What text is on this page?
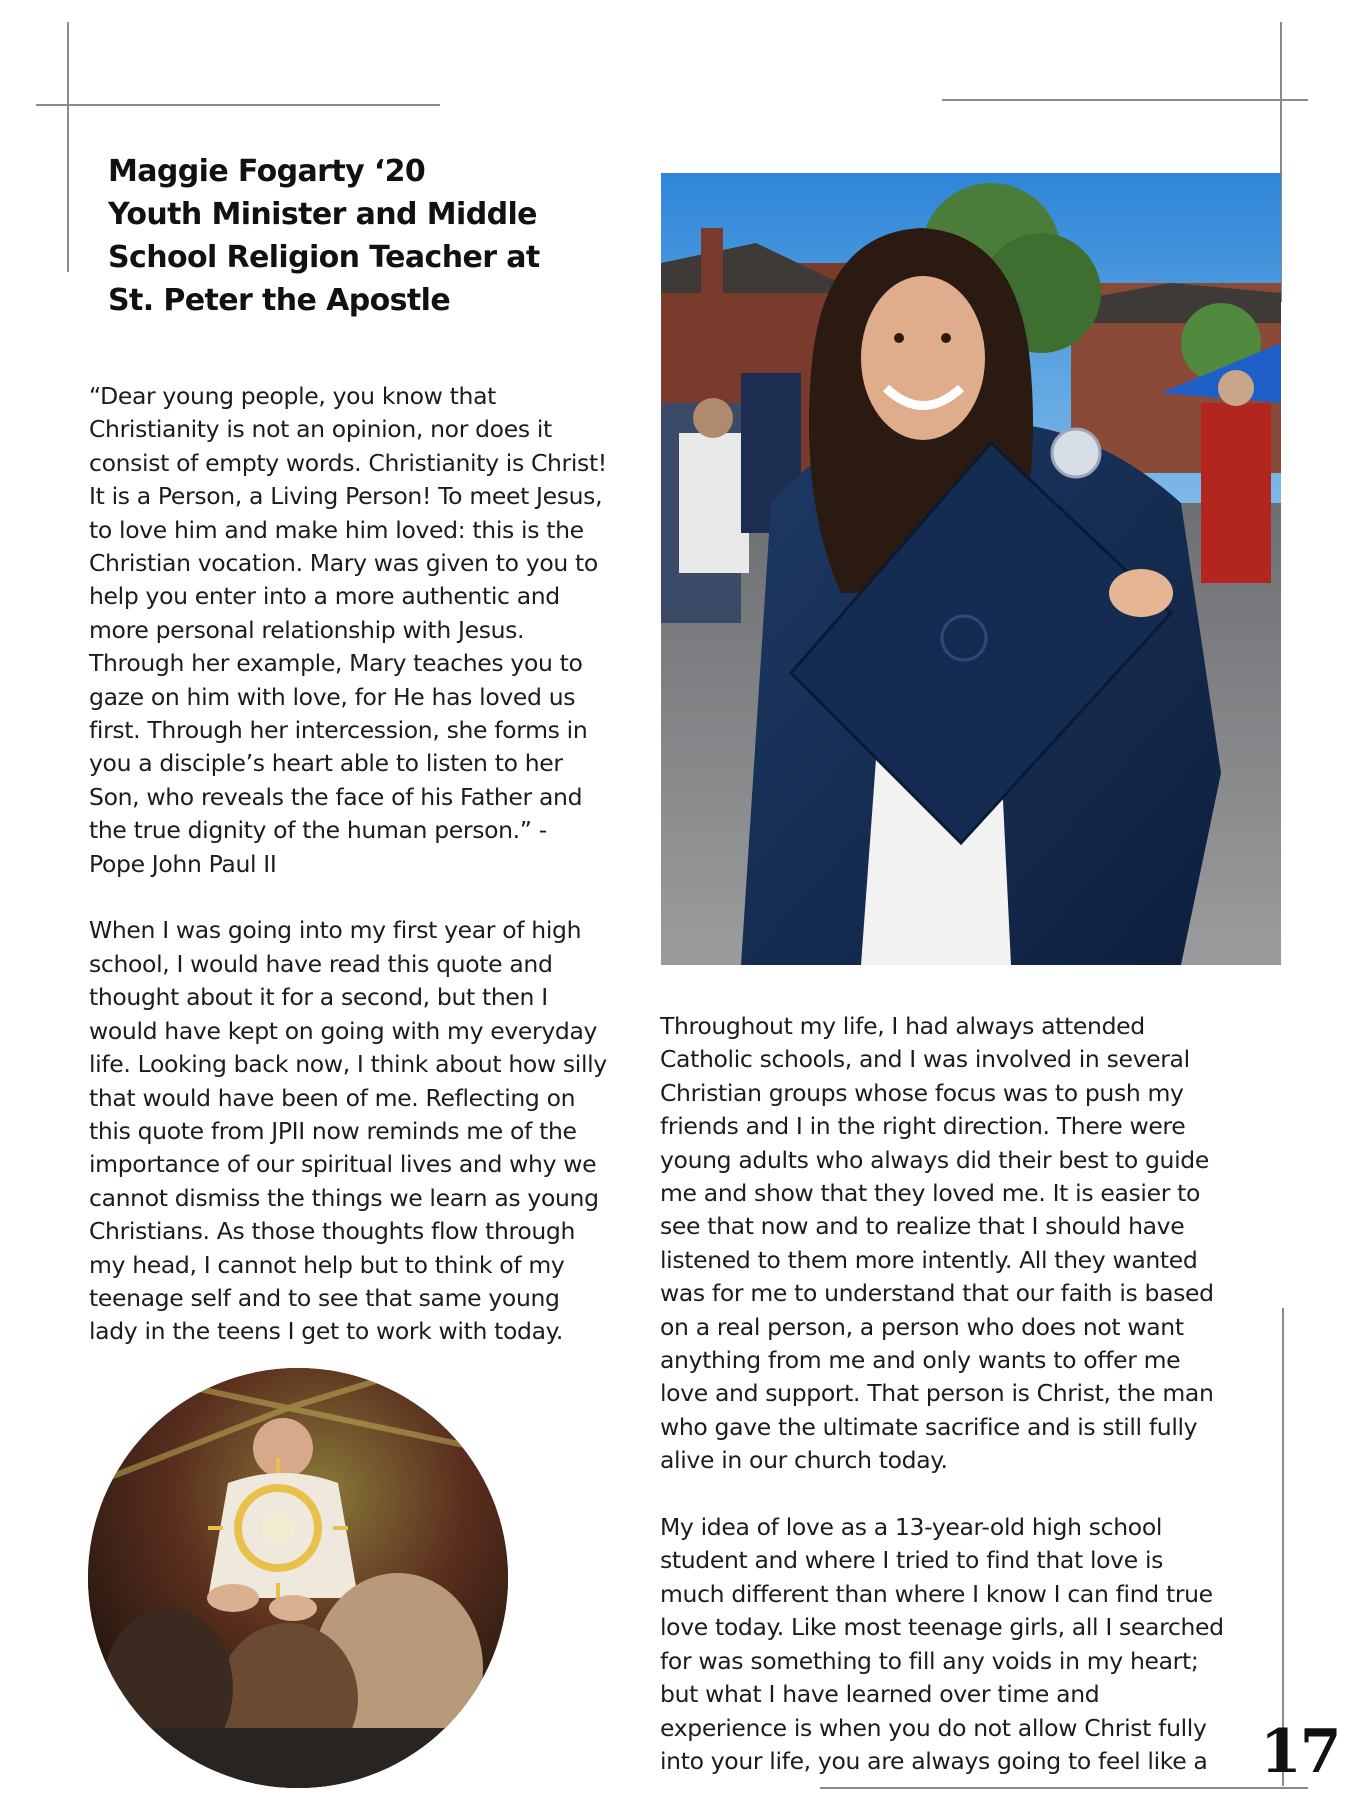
Maggie Fogarty ‘20
Youth Minister and Middle
School Religion Teacher at
St. Peter the Apostle
“Dear young people, you know that
Christianity is not an opinion, nor does it
consist of empty words. Christianity is Christ!
It is a Person, a Living Person! To meet Jesus,
to love him and make him loved: this is the
Christian vocation. Mary was given to you to
help you enter into a more authentic and
more personal relationship with Jesus.
Through her example, Mary teaches you to
gaze on him with love, for He has loved us
first. Through her intercession, she forms in
you a disciple’s heart able to listen to her
Son, who reveals the face of his Father and
the true dignity of the human person.” -
Pope John Paul II
When I was going into my first year of high
school, I would have read this quote and
thought about it for a second, but then I
would have kept on going with my everyday
life. Looking back now, I think about how silly
that would have been of me. Reflecting on
this quote from JPII now reminds me of the
importance of our spiritual lives and why we
cannot dismiss the things we learn as young
Christians. As those thoughts flow through
my head, I cannot help but to think of my
teenage self and to see that same young
lady in the teens I get to work with today.
Throughout my life, I had always attended
Catholic schools, and I was involved in several
Christian groups whose focus was to push my
friends and I in the right direction. There were
young adults who always did their best to guide
me and show that they loved me. It is easier to
see that now and to realize that I should have
listened to them more intently. All they wanted
was for me to understand that our faith is based
on a real person, a person who does not want
anything from me and only wants to offer me
love and support. That person is Christ, the man
who gave the ultimate sacrifice and is still fully
alive in our church today.
My idea of love as a 13-year-old high school
student and where I tried to find that love is
much different than where I know I can find true
love today. Like most teenage girls, all I searched
for was something to fill any voids in my heart;
but what I have learned over time and
experience is when you do not allow Christ fully
into your life, you are always going to feel like a 17
